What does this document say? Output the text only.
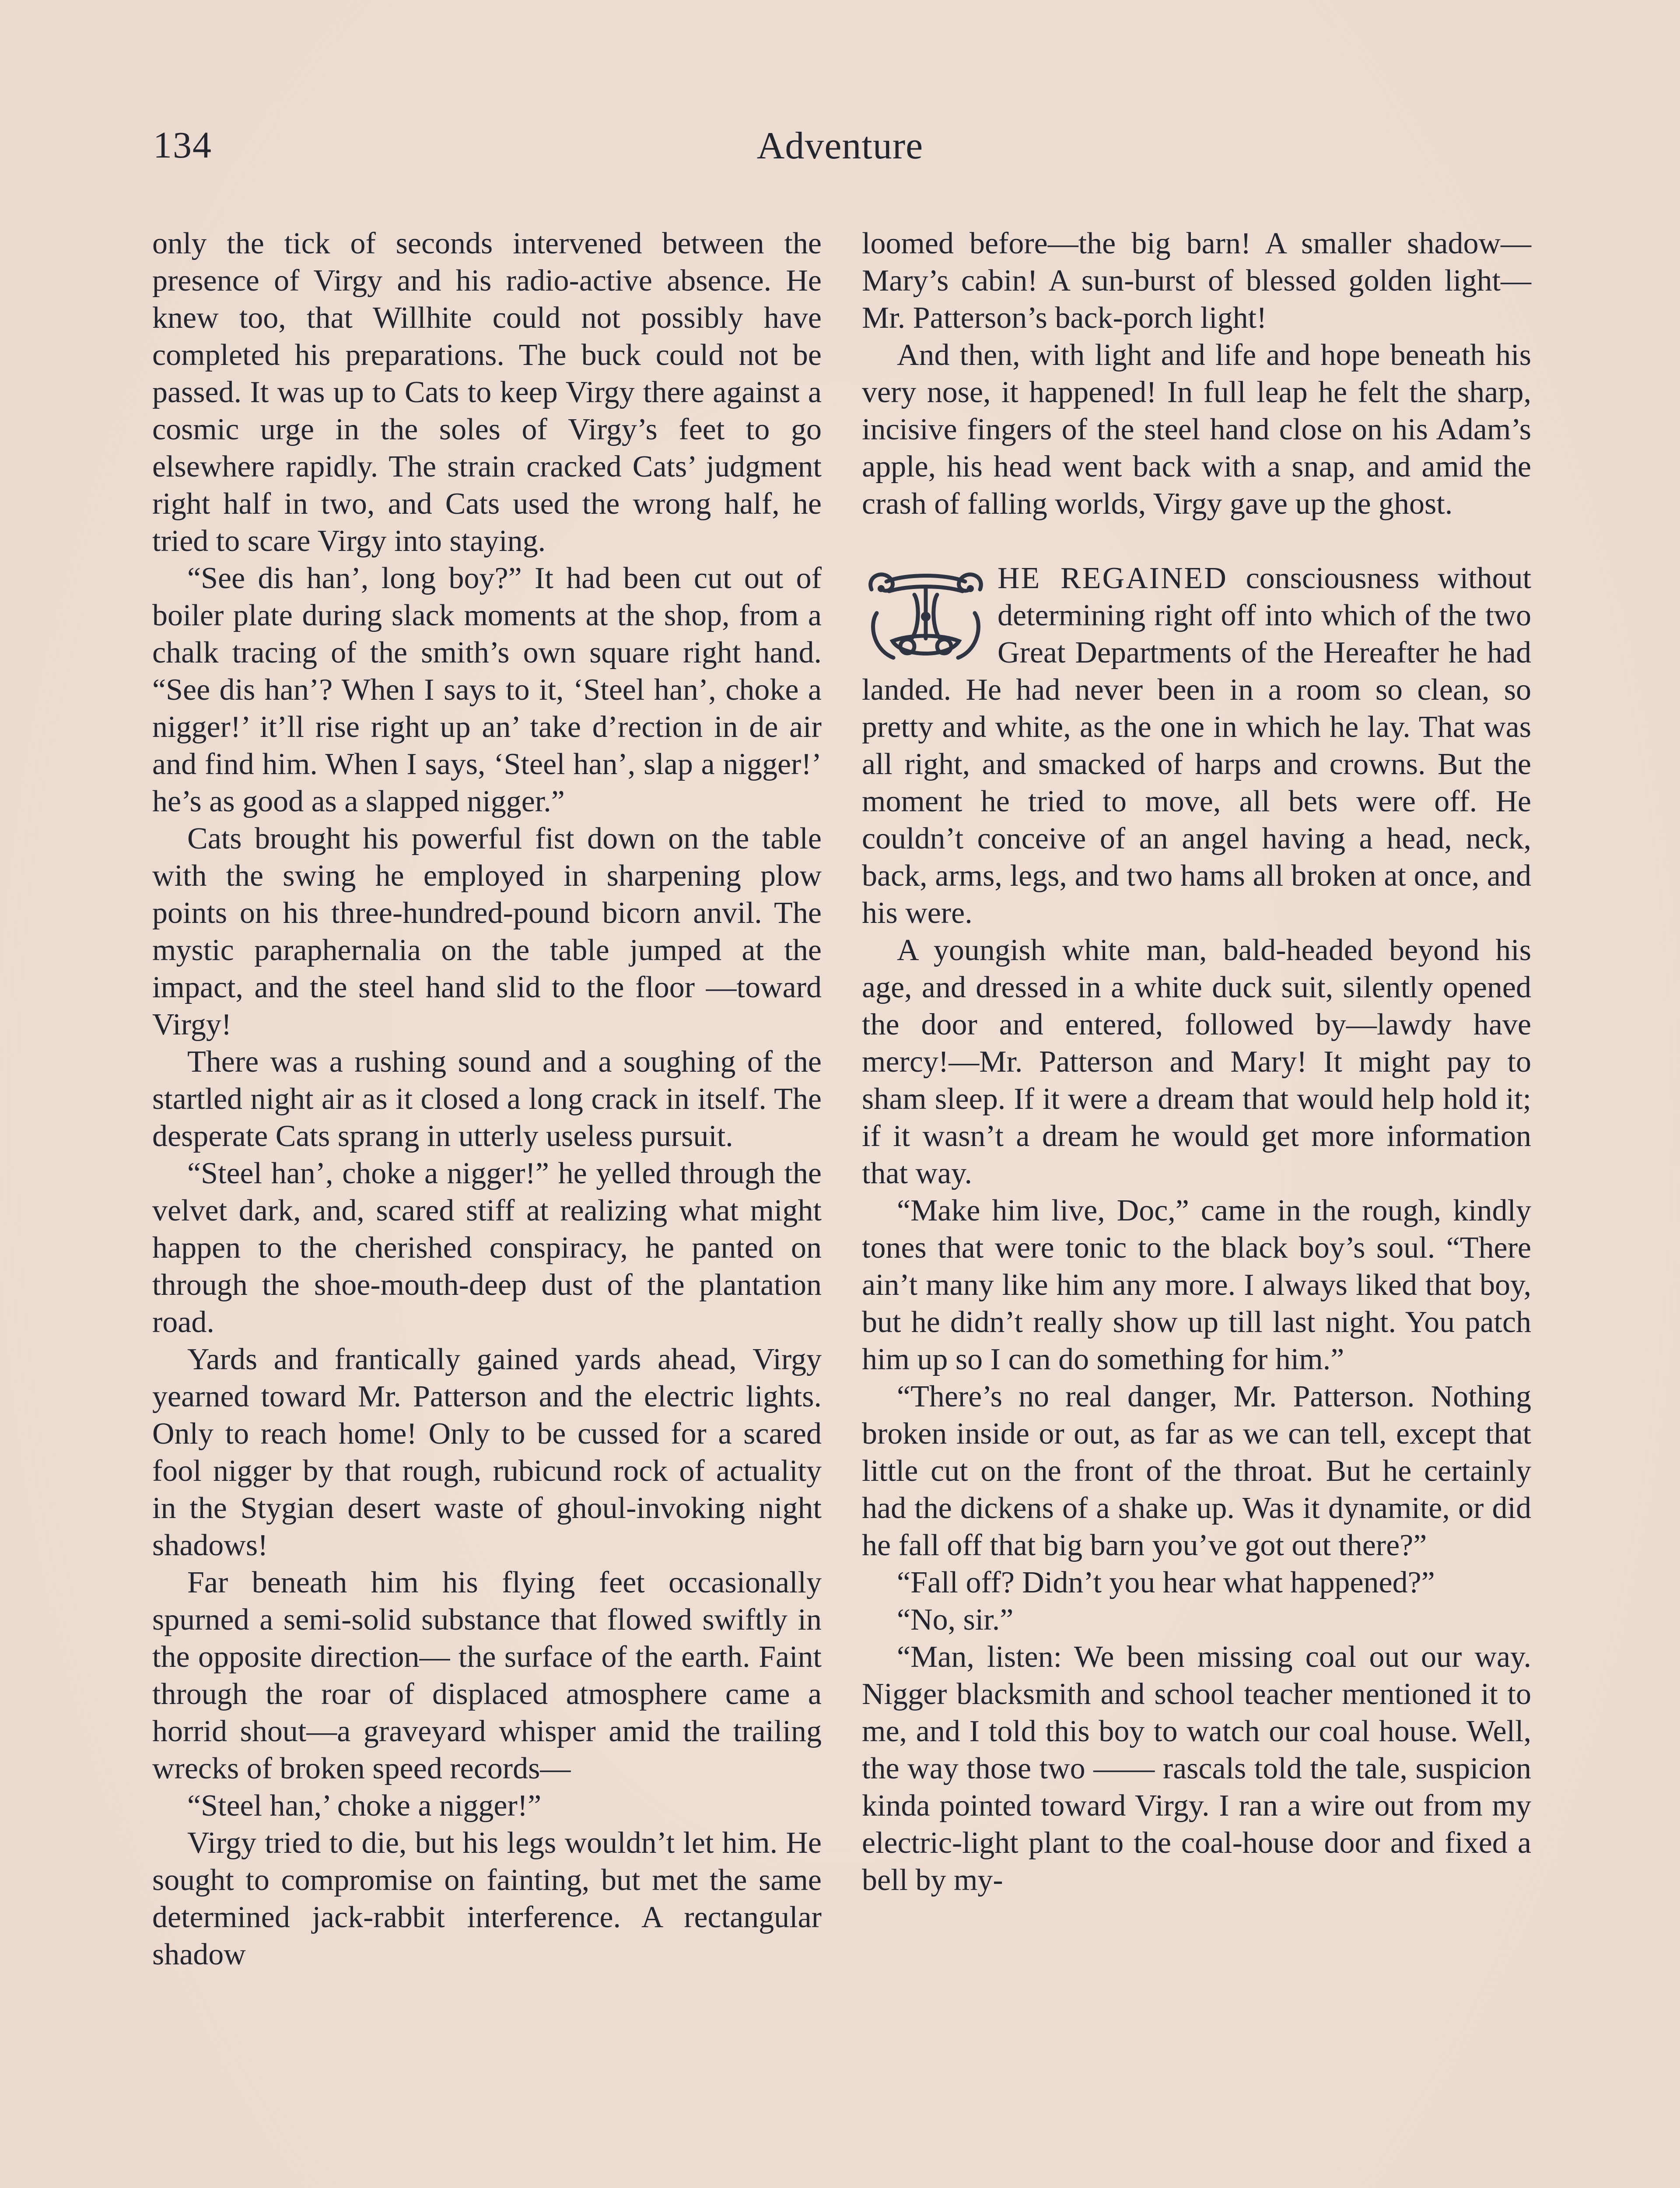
134	Adventure

only the tick of seconds intervened between the presence of Virgy and his radio-active absence. He knew too, that Willhite could not possibly have completed his preparations. The buck could not be passed. It was up to Cats to keep Virgy there against a cosmic urge in the soles of Virgy’s feet to go elsewhere rapidly. The strain cracked Cats’ judgment right half in two, and Cats used the wrong half, he tried to scare Virgy into staying.

“See dis han’, long boy?” It had been cut out of boiler plate during slack moments at the shop, from a chalk tracing of the smith’s own square right hand. “See dis han’? When I says to it, ‘Steel han’, choke a nigger!’ it’ll rise right up an’ take d’rection in de air and find him. When I says, ‘Steel han’, slap a nigger!’ he’s as good as a slapped nigger.”

Cats brought his powerful fist down on the table with the swing he employed in sharpening plow points on his three-hundred-pound bicorn anvil. The mystic paraphernalia on the table jumped at the impact, and the steel hand slid to the floor —toward Virgy!

There was a rushing sound and a soughing of the startled night air as it closed a long crack in itself. The desperate Cats sprang in utterly useless pursuit.

“Steel han’, choke a nigger!” he yelled through the velvet dark, and, scared stiff at realizing what might happen to the cherished conspiracy, he panted on through the shoe-mouth-deep dust of the plantation road.

Yards and frantically gained yards ahead, Virgy yearned toward Mr. Patterson and the electric lights. Only to reach home! Only to be cussed for a scared fool nigger by that rough, rubicund rock of actuality in the Stygian desert waste of ghoul-invoking night shadows!

Far beneath him his flying feet occasionally spurned a semi-solid substance that flowed swiftly in the opposite direction— the surface of the earth. Faint through the roar of displaced atmosphere came a horrid shout—a graveyard whisper amid the trailing wrecks of broken speed records—

“Steel han,’ choke a nigger!”

Virgy tried to die, but his legs wouldn’t let him. He sought to compromise on fainting, but met the same determined jack-rabbit interference. A rectangular shadow

loomed before—the big barn! A smaller shadow—Mary’s cabin! A sun-burst of blessed golden light—Mr. Patterson’s back-porch light!

And then, with light and life and hope beneath his very nose, it happened! In full leap he felt the sharp, incisive fingers of the steel hand close on his Adam’s apple, his head went back with a snap, and amid the crash of falling worlds, Virgy gave up the ghost.

HE REGAINED consciousness without determining right off into which of the two Great Departments of the Hereafter he had landed. He had never been in a room so clean, so pretty and white, as the one in which he lay. That was all right, and smacked of harps and crowns. But the moment he tried to move, all bets were off. He couldn’t conceive of an angel having a head, neck, back, arms, legs, and two hams all broken at once, and his were.

A youngish white man, bald-headed beyond his age, and dressed in a white duck suit, silently opened the door and entered, followed by—lawdy have mercy!—Mr. Patterson and Mary! It might pay to sham sleep. If it were a dream that would help hold it; if it wasn’t a dream he would get more information that way.

“Make him live, Doc,” came in the rough, kindly tones that were tonic to the black boy’s soul. “There ain’t many like him any more. I always liked that boy, but he didn’t really show up till last night. You patch him up so I can do something for him.”

“There’s no real danger, Mr. Patterson. Nothing broken inside or out, as far as we can tell, except that little cut on the front of the throat. But he certainly had the dickens of a shake up. Was it dynamite, or did he fall off that big barn you’ve got out there?”

“Fall off? Didn’t you hear what happened?”

“No, sir.”

“Man, listen: We been missing coal out our way. Nigger blacksmith and school teacher mentioned it to me, and I told this boy to watch our coal house. Well, the way those two —— rascals told the tale, suspicion kinda pointed toward Virgy. I ran a wire out from my electric-light plant to the coal-house door and fixed a bell by my-
